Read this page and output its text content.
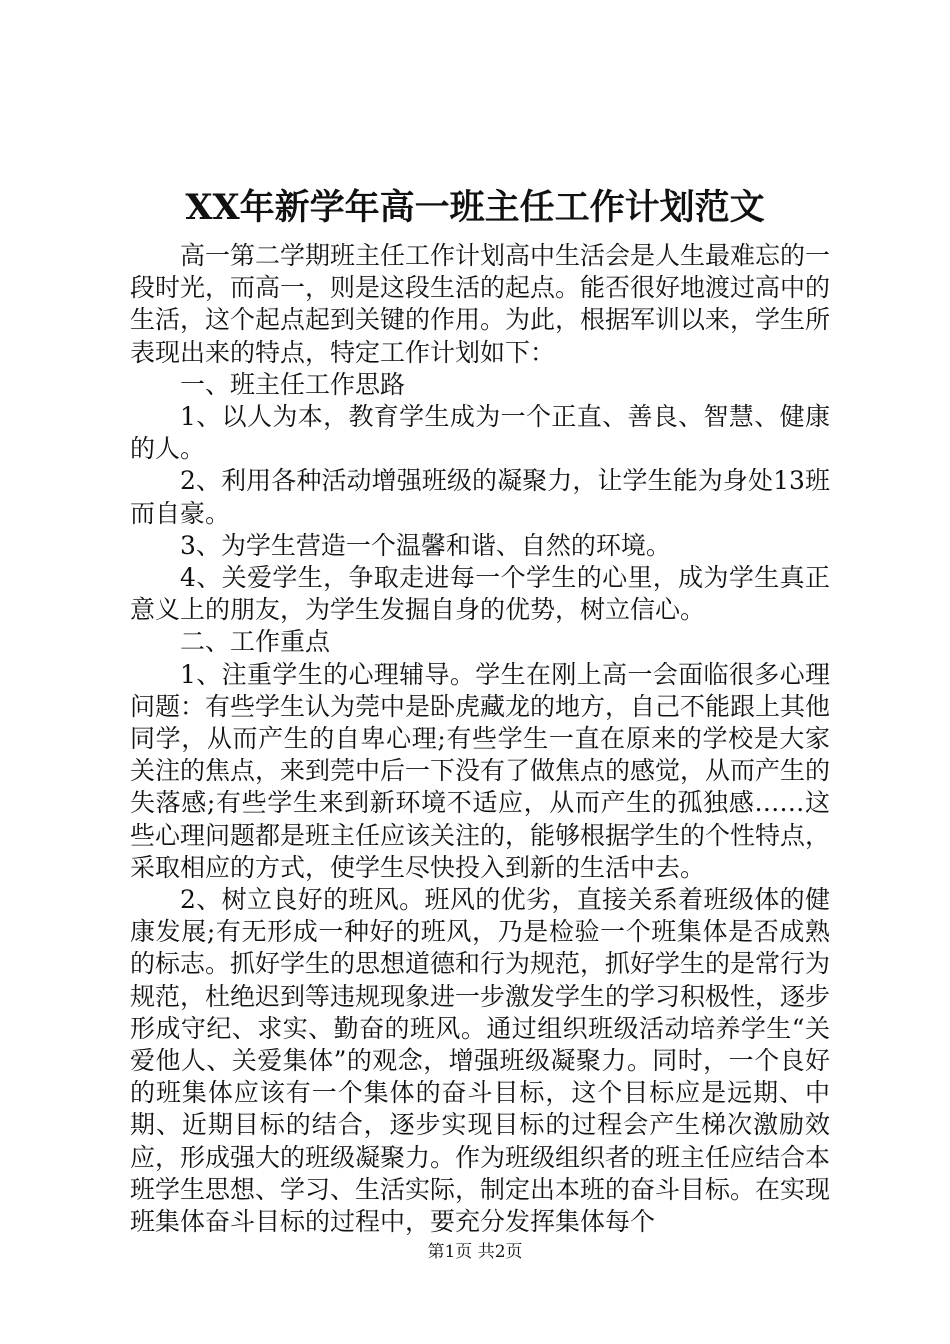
XX年新学年高一班主任工作计划范文

高一第二学期班主任工作计划高中生活会是人生最难忘的一段时光，而高一，则是这段生活的起点。能否很好地渡过高中的生活，这个起点起到关键的作用。为此，根据军训以来，学生所表现出来的特点，特定工作计划如下：

一、班主任工作思路

1、以人为本，教育学生成为一个正直、善良、智慧、健康的人。

2、利用各种活动增强班级的凝聚力，让学生能为身处13班而自豪。

3、为学生营造一个温馨和谐、自然的环境。

4、关爱学生，争取走进每一个学生的心里，成为学生真正意义上的朋友，为学生发掘自身的优势，树立信心。

二、工作重点

1、注重学生的心理辅导。学生在刚上高一会面临很多心理问题：有些学生认为莞中是卧虎藏龙的地方，自己不能跟上其他同学，从而产生的自卑心理;有些学生一直在原来的学校是大家关注的焦点，来到莞中后一下没有了做焦点的感觉，从而产生的失落感;有些学生来到新环境不适应，从而产生的孤独感……这些心理问题都是班主任应该关注的，能够根据学生的个性特点，采取相应的方式，使学生尽快投入到新的生活中去。

2、树立良好的班风。班风的优劣，直接关系着班级体的健康发展;有无形成一种好的班风，乃是检验一个班集体是否成熟的标志。抓好学生的思想道德和行为规范，抓好学生的是常行为规范，杜绝迟到等违规现象进一步激发学生的学习积极性，逐步形成守纪、求实、勤奋的班风。通过组织班级活动培养学生“关爱他人、关爱集体”的观念，增强班级凝聚力。同时，一个良好的班集体应该有一个集体的奋斗目标，这个目标应是远期、中期、近期目标的结合，逐步实现目标的过程会产生梯次激励效应，形成强大的班级凝聚力。作为班级组织者的班主任应结合本班学生思想、学习、生活实际，制定出本班的奋斗目标。在实现班集体奋斗目标的过程中，要充分发挥集体每个

第1页 共2页
